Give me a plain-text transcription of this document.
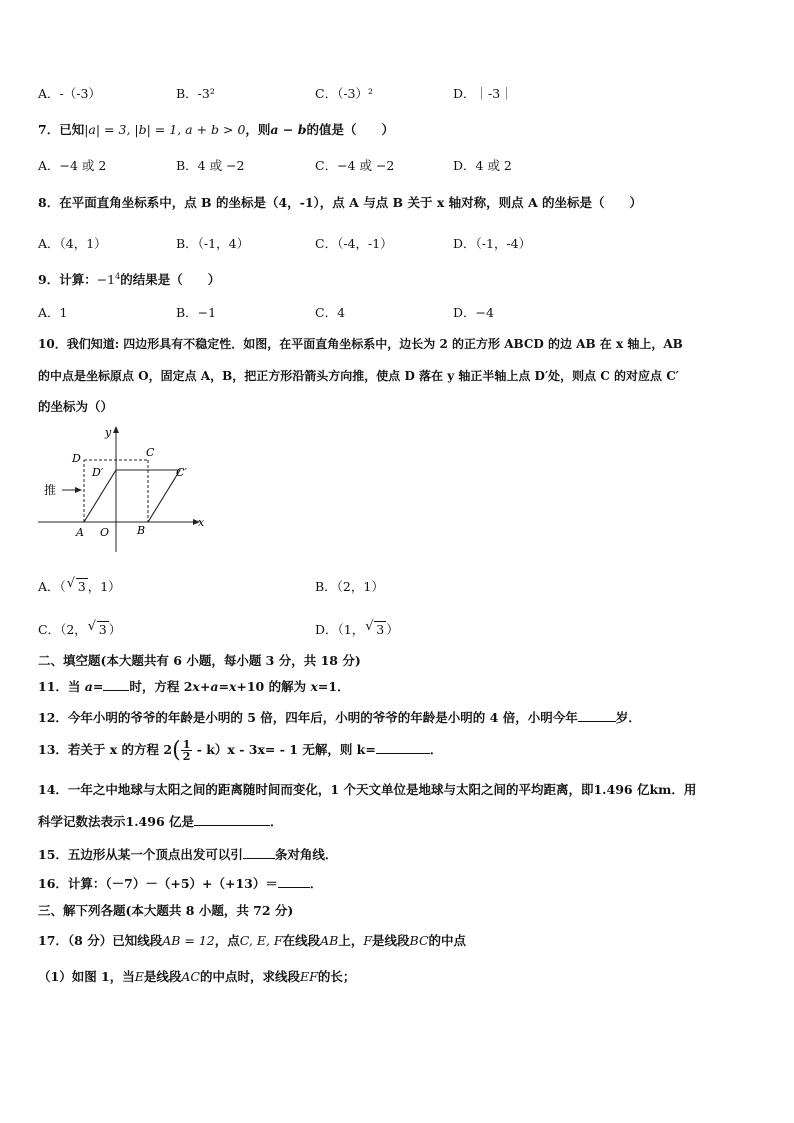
A．-（-3）	B．-3²	C．（-3）²	D．｜-3｜
7．已知|a| = 3, |b| = 1, a + b > 0，则a − b的值是（　　）
A．−4 或 2	B．4 或 −2	C．−4 或 −2	D．4 或 2
8．在平面直角坐标系中，点 B 的坐标是（4，-1），点 A 与点 B 关于 x 轴对称，则点 A 的坐标是（　　）
A．（4，1）	B．（-1，4）	C．（-4，-1）	D．（-1，-4）
9．计算：$-1^4$的结果是（　　）
A．1	B．−1	C．4	D．−4
10．我们知道: 四边形具有不稳定性．如图，在平面直角坐标系中，边长为 2 的正方形 ABCD 的边 AB 在 x 轴上，AB
的中点是坐标原点 O，固定点 A，B，把正方形沿箭头方向推，使点 D 落在 y 轴正半轴上点 D′处，则点 C 的对应点 C′
的坐标为（）
y
x
D	C
D′	C′
A O	B
推
A．（ √ 3 ，1）	B．（2，1）
C．（2， √ 3 ）	D．（1， √ 3 ）
二、填空题(本大题共有 6 小题，每小题 3 分，共 18 分)
11．当 a= 时，方程 2x+a=x+10 的解为 x=1．
12．今年小明的爷爷的年龄是小明的 5 倍，四年后，小明的爷爷的年龄是小明的 4 倍，小明今年	岁．
13．若关于 x 的方程 $2( \frac{1}{2} - k)x - 3x= - 1$ 无解，则 k=	．
14．一年之中地球与太阳之间的距离随时间而变化，1 个天文单位是地球与太阳之间的平均距离，即1.496 亿km．用
科学记数法表示1.496 亿是	．
15．五边形从某一个顶点出发可以引	条对角线．
16．计算：（－7）－（+5）+（+13）＝	．
三、解下列各题(本大题共 8 小题，共 72 分)
17．（8 分）已知线段AB = 12，点C, E, F在线段AB上，F是线段BC的中点
（1）如图 1，当E是线段AC的中点时，求线段EF的长；
